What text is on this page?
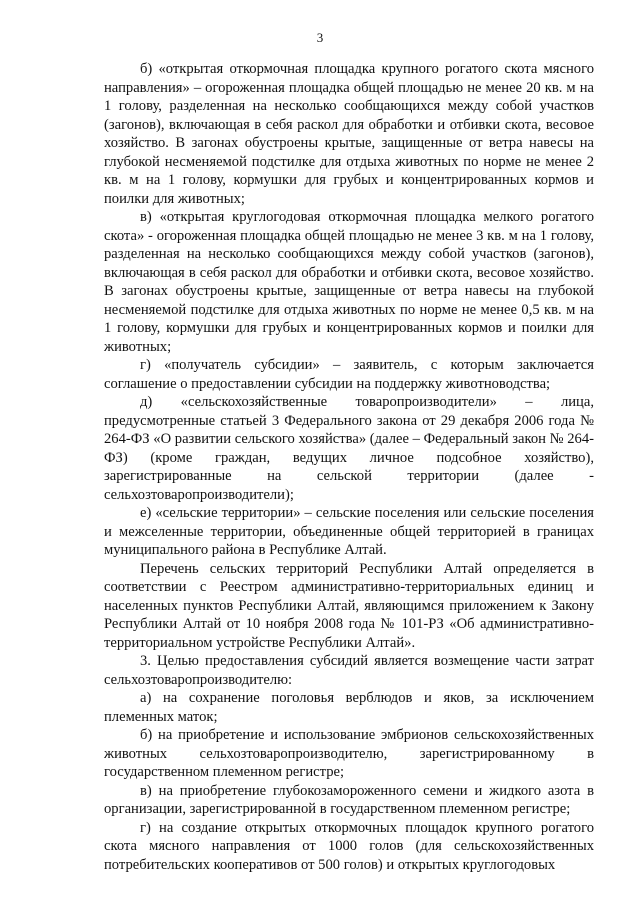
3

б) «открытая откормочная площадка крупного рогатого скота мясного направления» – огороженная площадка общей площадью не менее 20 кв. м на 1 голову, разделенная на несколько сообщающихся между собой участков (загонов), включающая в себя раскол для обработки и отбивки скота, весовое хозяйство. В загонах обустроены крытые, защищенные от ветра навесы на глубокой несменяемой подстилке для отдыха животных по норме не менее 2 кв. м на 1 голову, кормушки для грубых и концентрированных кормов и поилки для животных;

в) «открытая круглогодовая откормочная площадка мелкого рогатого скота» - огороженная площадка общей площадью не менее 3 кв. м на 1 голову, разделенная на несколько сообщающихся между собой участков (загонов), включающая в себя раскол для обработки и отбивки скота, весовое хозяйство. В загонах обустроены крытые, защищенные от ветра навесы на глубокой несменяемой подстилке для отдыха животных по норме не менее 0,5 кв. м на 1 голову, кормушки для грубых и концентрированных кормов и поилки для животных;

г) «получатель субсидии» – заявитель, с которым заключается соглашение о предоставлении субсидии на поддержку животноводства;

д) «сельскохозяйственные товаропроизводители» – лица, предусмотренные статьей 3 Федерального закона от 29 декабря 2006 года № 264-ФЗ «О развитии сельского хозяйства» (далее – Федеральный закон № 264-ФЗ) (кроме граждан, ведущих личное подсобное хозяйство), зарегистрированные на сельской территории (далее - сельхозтоваропроизводители);

е) «сельские территории» – сельские поселения или сельские поселения и межселенные территории, объединенные общей территорией в границах муниципального района в Республике Алтай.

Перечень сельских территорий Республики Алтай определяется в соответствии с Реестром административно-территориальных единиц и населенных пунктов Республики Алтай, являющимся приложением к Закону Республики Алтай от 10 ноября 2008 года № 101-РЗ «Об административно-территориальном устройстве Республики Алтай».

3. Целью предоставления субсидий является возмещение части затрат сельхозтоваропроизводителю:

а) на сохранение поголовья верблюдов и яков, за исключением племенных маток;

б) на приобретение и использование эмбрионов сельскохозяйственных животных сельхозтоваропроизводителю, зарегистрированному в государственном племенном регистре;

в) на приобретение глубокозамороженного семени и жидкого азота в организации, зарегистрированной в государственном племенном регистре;

г) на создание открытых откормочных площадок крупного рогатого скота мясного направления от 1000 голов (для сельскохозяйственных потребительских кооперативов от 500 голов) и открытых круглогодовых
